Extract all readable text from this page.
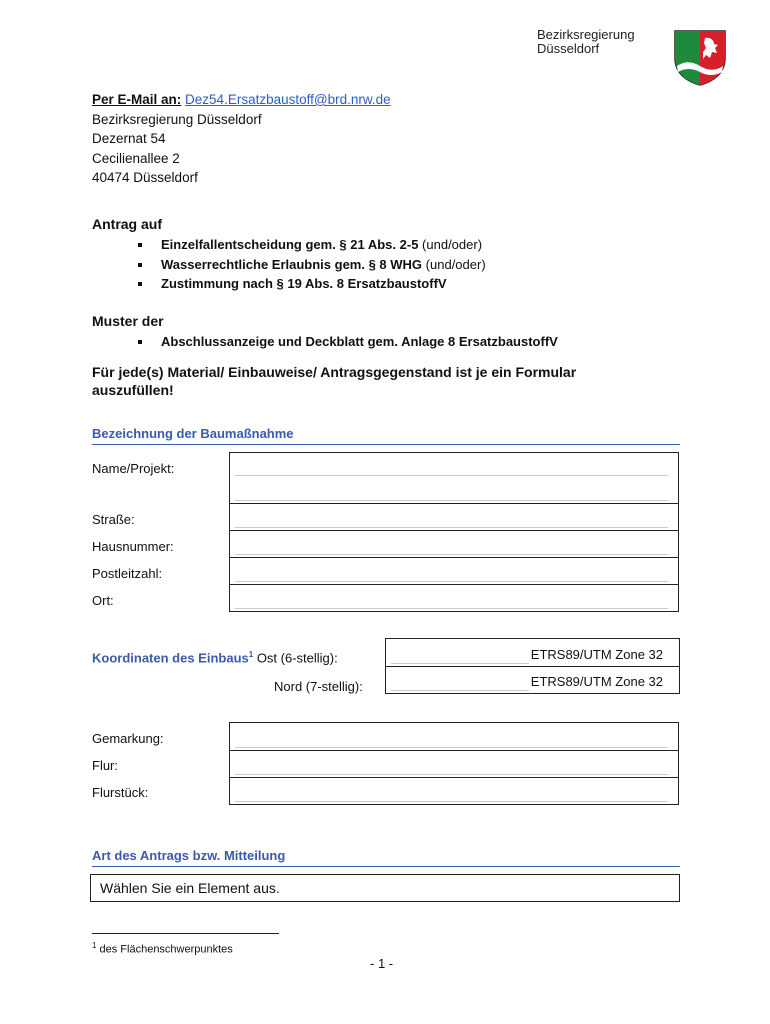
Bezirksregierung
Düsseldorf
Per E-Mail an: Dez54.Ersatzbaustoff@brd.nrw.de
Bezirksregierung Düsseldorf
Dezernat 54
Cecilienallee 2
40474 Düsseldorf
Antrag auf
Einzelfallentscheidung gem. § 21 Abs. 2-5 (und/oder)
Wasserrechtliche Erlaubnis gem. § 8 WHG (und/oder)
Zustimmung nach § 19 Abs. 8 ErsatzbaustoffV
Muster der
Abschlussanzeige und Deckblatt gem. Anlage 8 ErsatzbaustoffV
Für jede(s) Material/ Einbauweise/ Antragsgegenstand ist je ein Formular
auszufüllen!
Bezeichnung der Baumaßnahme
Name/Projekt:
Straße:
Hausnummer:
Postleitzahl:
Ort:
Koordinaten des Einbaus$^1$ Ost (6-stellig):
Nord (7-stellig):
ETRS89/UTM Zone 32
ETRS89/UTM Zone 32
Gemarkung:
Flur:
Flurstück:
Art des Antrags bzw. Mitteilung
Wählen Sie ein Element aus.
$^1$ des Flächenschwerpunktes
- 1 -
